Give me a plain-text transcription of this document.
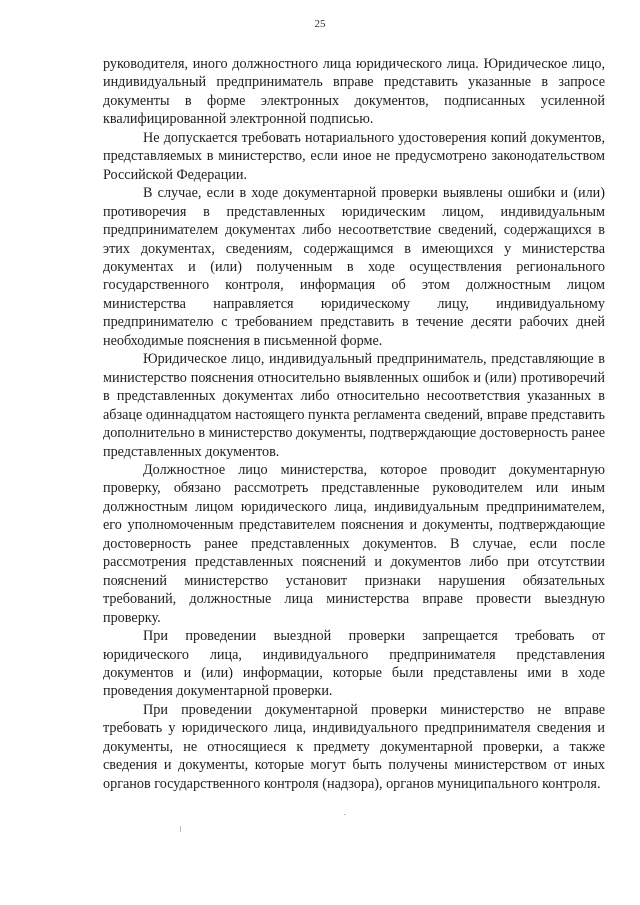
25

руководителя, иного должностного лица юридического лица. Юридическое лицо, индивидуальный предприниматель вправе представить указанные в запросе документы в форме электронных документов, подписанных усиленной квалифицированной электронной подписью.

Не допускается требовать нотариального удостоверения копий документов, представляемых в министерство, если иное не предусмотрено законодательством Российской Федерации.

В случае, если в ходе документарной проверки выявлены ошибки и (или) противоречия в представленных юридическим лицом, индивидуальным предпринимателем документах либо несоответствие сведений, содержащихся в этих документах, сведениям, содержащимся в имеющихся у министерства документах и (или) полученным в ходе осуществления регионального государственного контроля, информация об этом должностным лицом министерства направляется юридическому лицу, индивидуальному предпринимателю с требованием представить в течение десяти рабочих дней необходимые пояснения в письменной форме.

Юридическое лицо, индивидуальный предприниматель, представляющие в министерство пояснения относительно выявленных ошибок и (или) противоречий в представленных документах либо относительно несоответствия указанных в абзаце одиннадцатом настоящего пункта регламента сведений, вправе представить дополнительно в министерство документы, подтверждающие достоверность ранее представленных документов.

Должностное лицо министерства, которое проводит документарную проверку, обязано рассмотреть представленные руководителем или иным должностным лицом юридического лица, индивидуальным предпринимателем, его уполномоченным представителем пояснения и документы, подтверждающие достоверность ранее представленных документов. В случае, если после рассмотрения представленных пояснений и документов либо при отсутствии пояснений министерство установит признаки нарушения обязательных требований, должностные лица министерства вправе провести выездную проверку.

При проведении выездной проверки запрещается требовать от юридического лица, индивидуального предпринимателя представления документов и (или) информации, которые были представлены ими в ходе проведения документарной проверки.

При проведении документарной проверки министерство не вправе требовать у юридического лица, индивидуального предпринимателя сведения и документы, не относящиеся к предмету документарной проверки, а также сведения и документы, которые могут быть получены министерством от иных органов государственного контроля (надзора), органов муниципального контроля.
